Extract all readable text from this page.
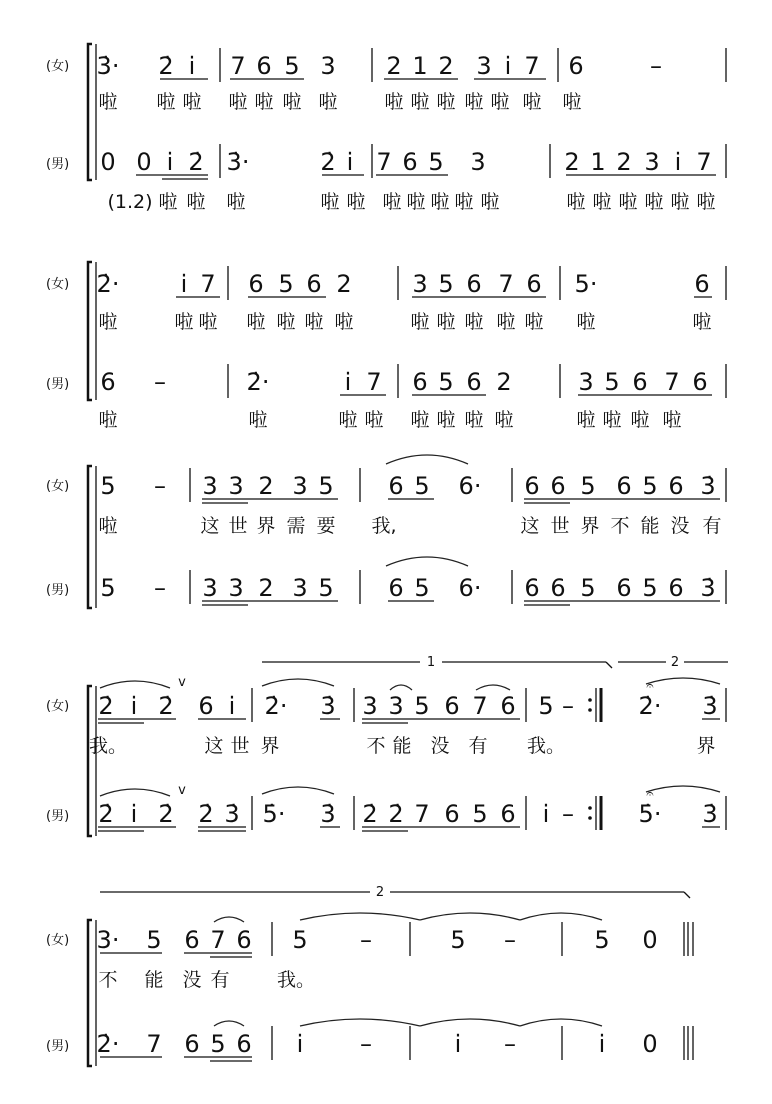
(女)
(男)
3̇· 2̇ i̇ 7 6 5 3 2 1 2 3 i̇ 7 6	–
0 0 i̇ 2̇ 3̇·	2̇ i̇ 7 6 5 3	2 1 2 3 i̇ 7
啦 啦 啦 啦 啦 啦 啦 啦 啦 啦 啦 啦 啦 啦
(1.2) 啦 啦 啦	啦 啦 啦 啦 啦 啦 啦	啦 啦 啦 啦 啦 啦
(女)
(男)
2̇·	i̇ 7 6 5 6 2	3 5 6 7 6 5·	6
6 –	2̇·	i̇ 7 6 5 6 2	3 5 6 7 6
啦	啦 啦 啦 啦 啦 啦	啦 啦 啦 啦 啦 啦	啦
啦	啦	啦 啦 啦 啦 啦 啦	啦 啦 啦 啦
(女)
(男)
5 – 3 3 2 3 5 6 5 6· 6 6 5 6 5 6 3̇
5 – 3 3 2 3 5 6 5 6· 6 6 5 6 5 6 3̇
啦	这 世 界 需 要 我,	这 世 界 不 能 没 有
(女)
(男)
2̇ i̇ 2̇ 6 i̇ 2̇· 3̇ 3 3 5 6 7 6 5 –	2̇· 3̇
2̇ i̇ 2̇ 2̇ 3̇ 5̇· 3̇ 2̇ 2̇ 7 6 5 6 i̇ –	5̇· 3̇
我。	这 世 界	不 能 没 有 我。	界
(女)
(男)
3· 5 6 7 6 5 –	5 –	5 0
2̇· 7 6 5 6 i̇ –	i̇ –	i̇ 0
不 能 没 有 我。
v
v
𝄐
𝄐
1	2
2
